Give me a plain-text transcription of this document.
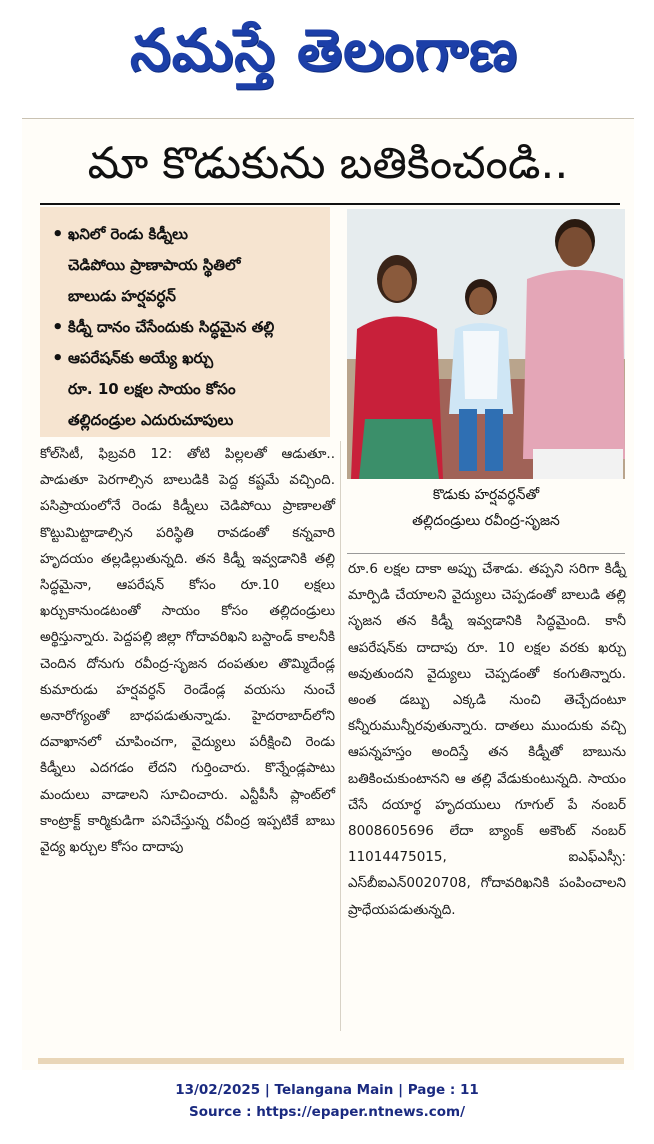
నమస్తే తెలంగాణ
మా కొడుకును బతికించండి..
• ఖనిలో రెండు కిడ్నీలు
చెడిపోయి ప్రాణాపాయ స్థితిలో
బాలుడు హర్షవర్ధన్
• కిడ్నీ దానం చేసేందుకు సిద్ధమైన తల్లి
• ఆపరేషన్‌కు అయ్యే ఖర్చు
రూ. 10 లక్షల సాయం కోసం
తల్లిదండ్రుల ఎదురుచూపులు
కొడుకు హర్షవర్ధన్‌తో
తల్లిదండ్రులు రవీంద్ర-సృజన
కోల్‌సిటీ, ఫిబ్రవరి 12: తోటి పిల్లలతో ఆడుతూ.. పాడుతూ పెరగాల్సిన బాలుడికి పెద్ద కష్టమే వచ్చింది. పసిప్రాయంలోనే రెండు కిడ్నీలు చెడిపోయి ప్రాణాలతో కొట్టుమిట్టాడాల్సిన పరిస్థితి రావడంతో కన్నవారి హృదయం తల్లడిల్లుతున్నది. తన కిడ్నీ ఇవ్వడానికి తల్లి సిద్ధమైనా, ఆపరేషన్ కోసం రూ.10 లక్షలు ఖర్చుకానుండటంతో సాయం కోసం తల్లిదండ్రులు అర్థిస్తున్నారు. పెద్దపల్లి జిల్లా గోదావరిఖని బస్టాండ్ కాలనీకి చెందిన దోనుగు రవీంద్ర-సృజన దంపతుల తొమ్మిదేండ్ల కుమారుడు హర్షవర్ధన్ రెండేండ్ల వయసు నుంచే అనారోగ్యంతో బాధపడుతున్నాడు. హైదరాబాద్‌లోని దవాఖానలో చూపించగా, వైద్యులు పరీక్షించి రెండు కిడ్నీలు ఎదగడం లేదని గుర్తించారు. కొన్నేండ్లపాటు మందులు వాడాలని సూచించారు. ఎన్టీపీసీ ప్లాంట్‌లో కాంట్రాక్ట్ కార్మికుడిగా పనిచేస్తున్న రవీంద్ర ఇప్పటికే బాబు వైద్య ఖర్చుల కోసం దాదాపు
రూ.6 లక్షల దాకా అప్పు చేశాడు. తప్పని సరిగా కిడ్నీ మార్పిడి చేయాలని వైద్యులు చెప్పడంతో బాలుడి తల్లి సృజన తన కిడ్నీ ఇవ్వడానికి సిద్ధమైంది. కానీ ఆపరేషన్‌కు దాదాపు రూ. 10 లక్షల వరకు ఖర్చు అవుతుందని వైద్యులు చెప్పడంతో కంగుతిన్నారు. అంత డబ్బు ఎక్కడి నుంచి తెచ్చేదంటూ కన్నీరుమున్నీరవుతున్నారు. దాతలు ముందుకు వచ్చి ఆపన్నహస్తం అందిస్తే తన కిడ్నీతో బాబును బతికించుకుంటానని ఆ తల్లి వేడుకుంటున్నది. సాయం చేసే దయార్థ హృదయులు గూగుల్ పే నంబర్ 8008605696 లేదా బ్యాంక్ అకౌంట్ నంబర్ 11014475015, ఐఎఫ్ఎస్సీ: ఎస్‌బీఐఎన్0020708, గోదావరిఖనికి పంపించాలని ప్రాధేయపడుతున్నది.
13/02/2025 | Telangana Main | Page : 11
Source : https://epaper.ntnews.com/
